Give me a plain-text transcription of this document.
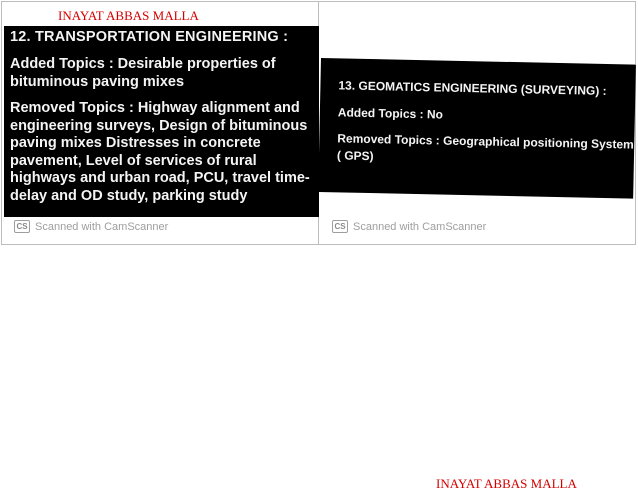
INAYAT ABBAS MALLA
12. TRANSPORTATION ENGINEERING :
Added Topics : Desirable properties of bituminous paving mixes
Removed Topics : Highway alignment and engineering surveys, Design of bituminous paving mixes Distresses in concrete pavement, Level of services of rural highways and urban road, PCU, travel time- delay and OD study, parking study
13. GEOMATICS ENGINEERING (SURVEYING) :
Added Topics : No
Removed Topics : Geographical positioning System ( GPS)
CS Scanned with CamScanner	CS Scanned with CamScanner
INAYAT ABBAS MALLA
